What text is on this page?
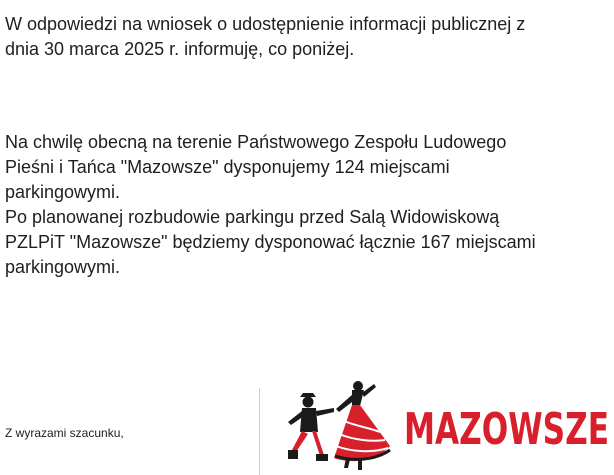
W odpowiedzi na wniosek o udostępnienie informacji publicznej z
dnia 30 marca 2025 r. informuję, co poniżej.
Na chwilę obecną na terenie Państwowego Zespołu Ludowego
Pieśni i Tańca "Mazowsze" dysponujemy 124 miejscami
parkingowymi.
Po planowanej rozbudowie parkingu przed Salą Widowiskową
PZLPiT "Mazowsze" będziemy dysponować łącznie 167 miejscami
parkingowymi.
Z wyrazami szacunku,	MAZOWSZE
